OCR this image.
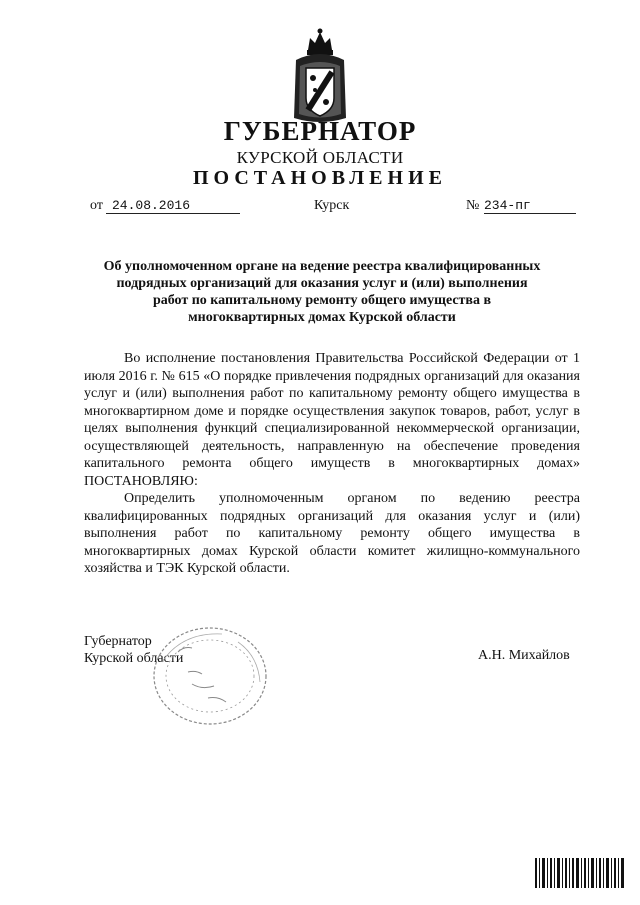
ГУБЕРНАТОР
КУРСКОЙ ОБЛАСТИ
ПОСТАНОВЛЕНИЕ
от 24.08.2016	Курск	№ 234-пг
Об уполномоченном органе на ведение реестра квалифицированных
подрядных организаций для оказания услуг и (или) выполнения
работ по капитальному ремонту общего имущества в
многоквартирных домах Курской области

Во исполнение постановления Правительства Российской Федерации от 1 июля 2016 г. № 615 «О порядке привлечения подрядных организаций для оказания услуг и (или) выполнения работ по капитальному ремонту общего имущества в многоквартирном доме и порядке осуществления закупок товаров, работ, услуг в целях выполнения функций специализированной некоммерческой организации, осуществляющей деятельность, направленную на обеспечение проведения капитального ремонта общего имуществ в многоквартирных домах» ПОСТАНОВЛЯЮ:

Определить уполномоченным органом по ведению реестра квалифицированных подрядных организаций для оказания услуг и (или) выполнения работ по капитальному ремонту общего имущества в многоквартирных домах Курской области комитет жилищно-коммунального хозяйства и ТЭК Курской области.

Губернатор
Курской области	А.Н. Михайлов
